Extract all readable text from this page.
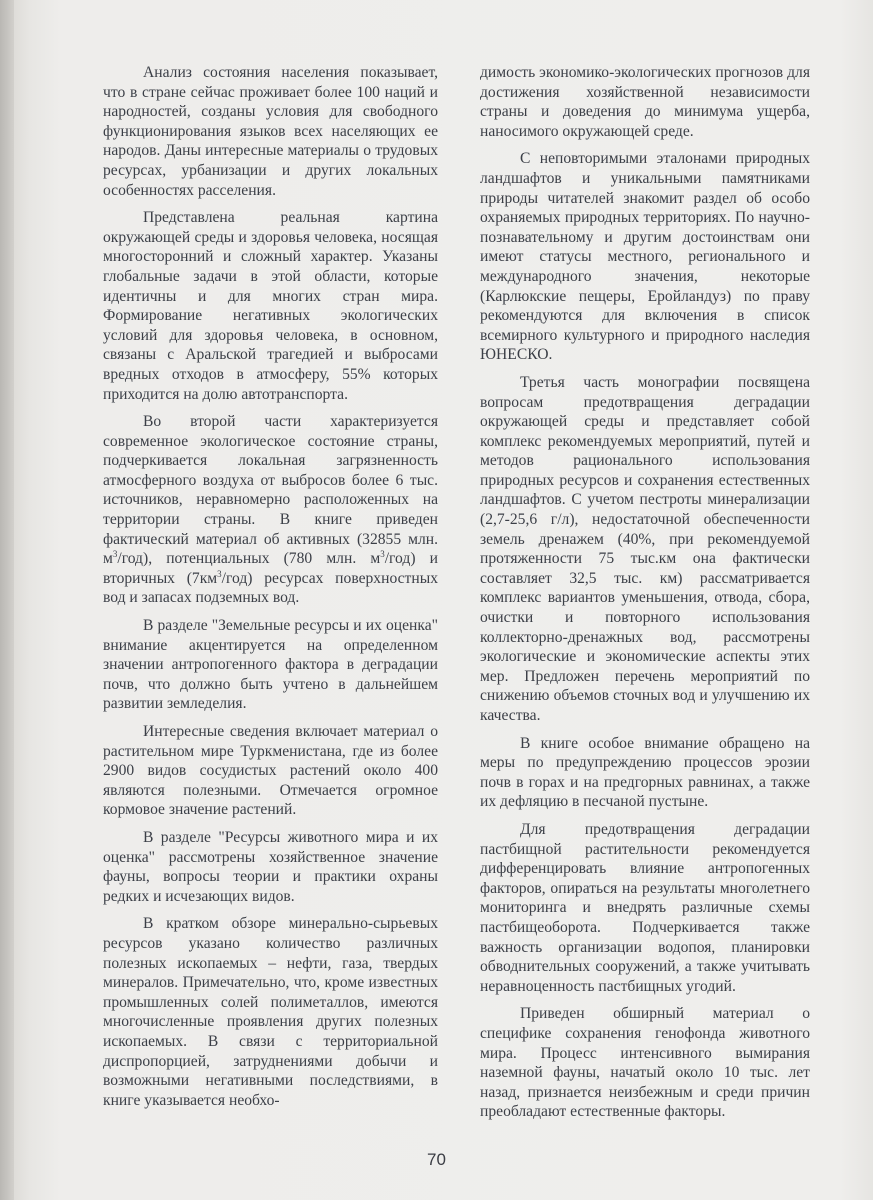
Анализ состояния населения показывает, что в стране сейчас проживает более 100 наций и народностей, созданы условия для свободного функционирования языков всех населяющих ее народов. Даны интересные материалы о трудовых ресурсах, урбанизации и других локальных особенностях расселения.

Представлена реальная картина окружающей среды и здоровья человека, носящая многосторонний и сложный характер. Указаны глобальные задачи в этой области, которые идентичны и для многих стран мира. Формирование негативных экологических условий для здоровья человека, в основном, связаны с Аральской трагедией и выбросами вредных отходов в атмосферу, 55% которых приходится на долю автотранспорта.

Во второй части характеризуется современное экологическое состояние страны, подчеркивается локальная загрязненность атмосферного воздуха от выбросов более 6 тыс. источников, неравномерно расположенных на территории страны. В книге приведен фактический материал об активных (32855 млн. $м^3/год$), потенциальных (780 млн. $м^3/год$) и вторичных $(7км^3/год)$ ресурсах поверхностных вод и запасах подземных вод.

В разделе "Земельные ресурсы и их оценка" внимание акцентируется на определенном значении антропогенного фактора в деградации почв, что должно быть учтено в дальнейшем развитии земледелия.

Интересные сведения включает материал о растительном мире Туркменистана, где из более 2900 видов сосудистых растений около 400 являются полезными. Отмечается огромное кормовое значение растений.

В разделе "Ресурсы животного мира и их оценка" рассмотрены хозяйственное значение фауны, вопросы теории и практики охраны редких и исчезающих видов.

В кратком обзоре минерально-сырьевых ресурсов указано количество различных полезных ископаемых – нефти, газа, твердых минералов. Примечательно, что, кроме известных промышленных солей полиметаллов, имеются многочисленные проявления других полезных ископаемых. В связи с территориальной диспропорцией, затруднениями добычи и возможными негативными последствиями, в книге указывается необхо-

димость экономико-экологических прогнозов для достижения хозяйственной независимости страны и доведения до минимума ущерба, наносимого окружающей среде.

С неповторимыми эталонами природных ландшафтов и уникальными памятниками природы читателей знакомит раздел об особо охраняемых природных территориях. По научно-познавательному и другим достоинствам они имеют статусы местного, регионального и международного значения, некоторые (Карлюкские пещеры, Еройландуз) по праву рекомендуются для включения в список всемирного культурного и природного наследия ЮНЕСКО.

Третья часть монографии посвящена вопросам предотвращения деградации окружающей среды и представляет собой комплекс рекомендуемых мероприятий, путей и методов рационального использования природных ресурсов и сохранения естественных ландшафтов. С учетом пестроты минерализации (2,7-25,6 г/л), недостаточной обеспеченности земель дренажем (40%, при рекомендуемой протяженности 75 тыс.км она фактически составляет 32,5 тыс. км) рассматривается комплекс вариантов уменьшения, отвода, сбора, очистки и повторного использования коллекторно-дренажных вод, рассмотрены экологические и экономические аспекты этих мер. Предложен перечень мероприятий по снижению объемов сточных вод и улучшению их качества.

В книге особое внимание обращено на меры по предупреждению процессов эрозии почв в горах и на предгорных равнинах, а также их дефляцию в песчаной пустыне.

Для предотвращения деградации пастбищной растительности рекомендуется дифференцировать влияние антропогенных факторов, опираться на результаты многолетнего мониторинга и внедрять различные схемы пастбищеоборота. Подчеркивается также важность организации водопоя, планировки обводнительных сооружений, а также учитывать неравноценность пастбищных угодий.

Приведен обширный материал о специфике сохранения генофонда животного мира. Процесс интенсивного вымирания наземной фауны, начатый около 10 тыс. лет назад, признается неизбежным и среди причин преобладают естественные факторы.

70
